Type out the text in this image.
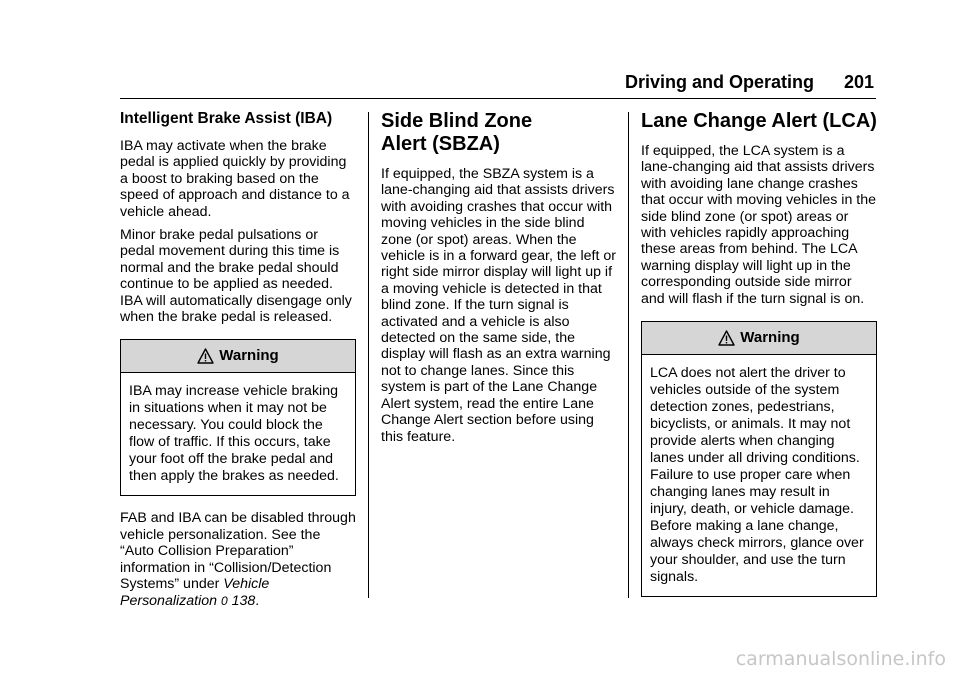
Driving and Operating 201
Intelligent Brake Assist (IBA)

IBA may activate when the brake pedal is applied quickly by providing a boost to braking based on the speed of approach and distance to a vehicle ahead.

Minor brake pedal pulsations or pedal movement during this time is normal and the brake pedal should continue to be applied as needed. IBA will automatically disengage only when the brake pedal is released.

Warning
IBA may increase vehicle braking in situations when it may not be necessary. You could block the flow of traffic. If this occurs, take your foot off the brake pedal and then apply the brakes as needed.

FAB and IBA can be disabled through vehicle personalization. See the “Auto Collision Preparation” information in “Collision/Detection Systems” under Vehicle Personalization 0 138.

Side Blind Zone
Alert (SBZA)

If equipped, the SBZA system is a lane-changing aid that assists drivers with avoiding crashes that occur with moving vehicles in the side blind zone (or spot) areas. When the vehicle is in a forward gear, the left or right side mirror display will light up if a moving vehicle is detected in that blind zone. If the turn signal is activated and a vehicle is also detected on the same side, the display will flash as an extra warning not to change lanes. Since this system is part of the Lane Change Alert system, read the entire Lane Change Alert section before using this feature.

Lane Change Alert (LCA)

If equipped, the LCA system is a lane-changing aid that assists drivers with avoiding lane change crashes that occur with moving vehicles in the side blind zone (or spot) areas or with vehicles rapidly approaching these areas from behind. The LCA warning display will light up in the corresponding outside side mirror and will flash if the turn signal is on.

Warning
LCA does not alert the driver to vehicles outside of the system detection zones, pedestrians, bicyclists, or animals. It may not provide alerts when changing lanes under all driving conditions. Failure to use proper care when changing lanes may result in injury, death, or vehicle damage. Before making a lane change, always check mirrors, glance over your shoulder, and use the turn signals.
carmanualsonline.info
